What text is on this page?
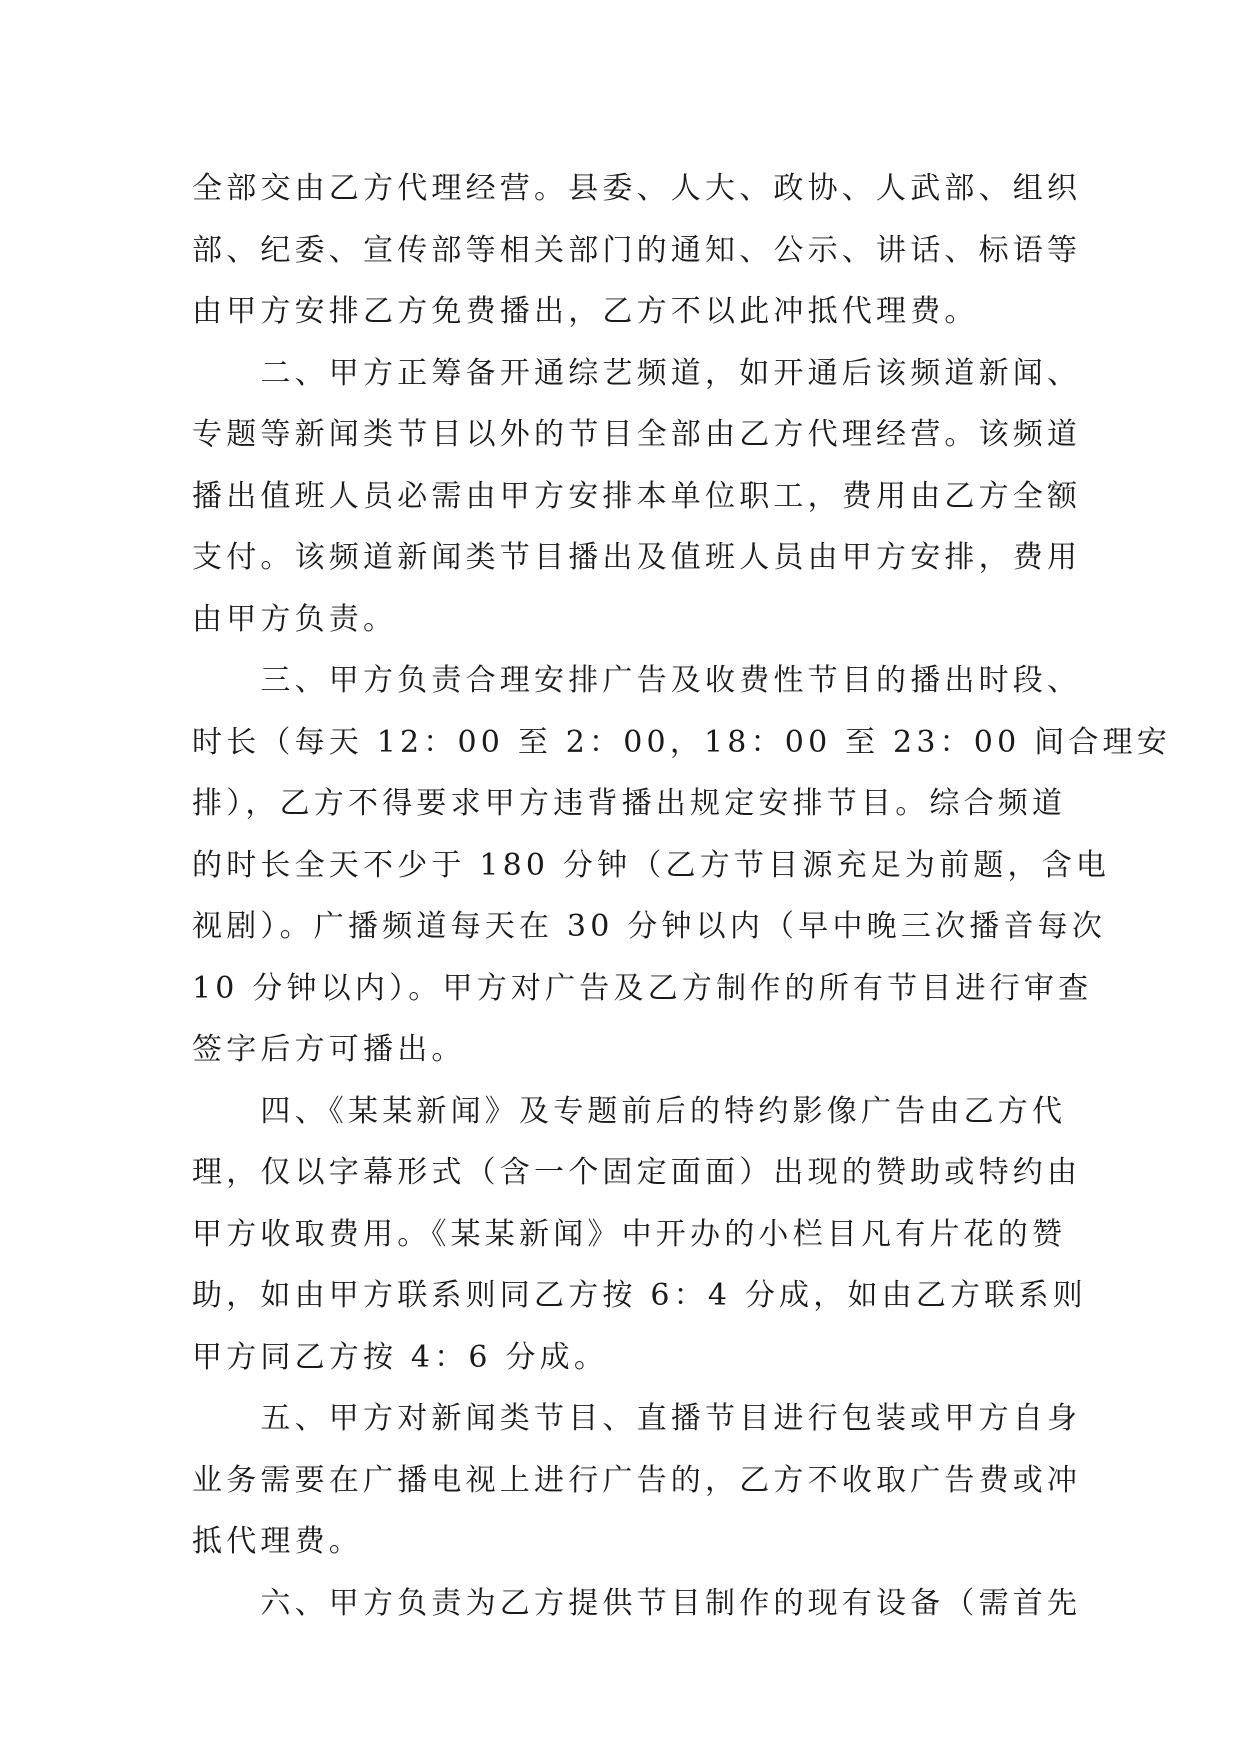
全部交由乙方代理经营。县委、人大、政协、人武部、组织
部、纪委、宣传部等相关部门的通知、公示、讲话、标语等
由甲方安排乙方免费播出，乙方不以此冲抵代理费。
　　二、甲方正筹备开通综艺频道，如开通后该频道新闻、
专题等新闻类节目以外的节目全部由乙方代理经营。该频道
播出值班人员必需由甲方安排本单位职工，费用由乙方全额
支付。该频道新闻类节目播出及值班人员由甲方安排，费用
由甲方负责。
　　三、甲方负责合理安排广告及收费性节目的播出时段、
时长（每天 12：00 至 2：00，18：00 至 23：00 间合理安
排），乙方不得要求甲方违背播出规定安排节目。综合频道
的时长全天不少于 180 分钟（乙方节目源充足为前题，含电
视剧）。广播频道每天在 30 分钟以内（早中晚三次播音每次
10 分钟以内）。甲方对广告及乙方制作的所有节目进行审查
签字后方可播出。
　　四、《某某新闻》及专题前后的特约影像广告由乙方代
理，仅以字幕形式（含一个固定面面）出现的赞助或特约由
甲方收取费用。《某某新闻》中开办的小栏目凡有片花的赞
助，如由甲方联系则同乙方按 6：4 分成，如由乙方联系则
甲方同乙方按 4：6 分成。
　　五、甲方对新闻类节目、直播节目进行包装或甲方自身
业务需要在广播电视上进行广告的，乙方不收取广告费或冲
抵代理费。
　　六、甲方负责为乙方提供节目制作的现有设备（需首先
